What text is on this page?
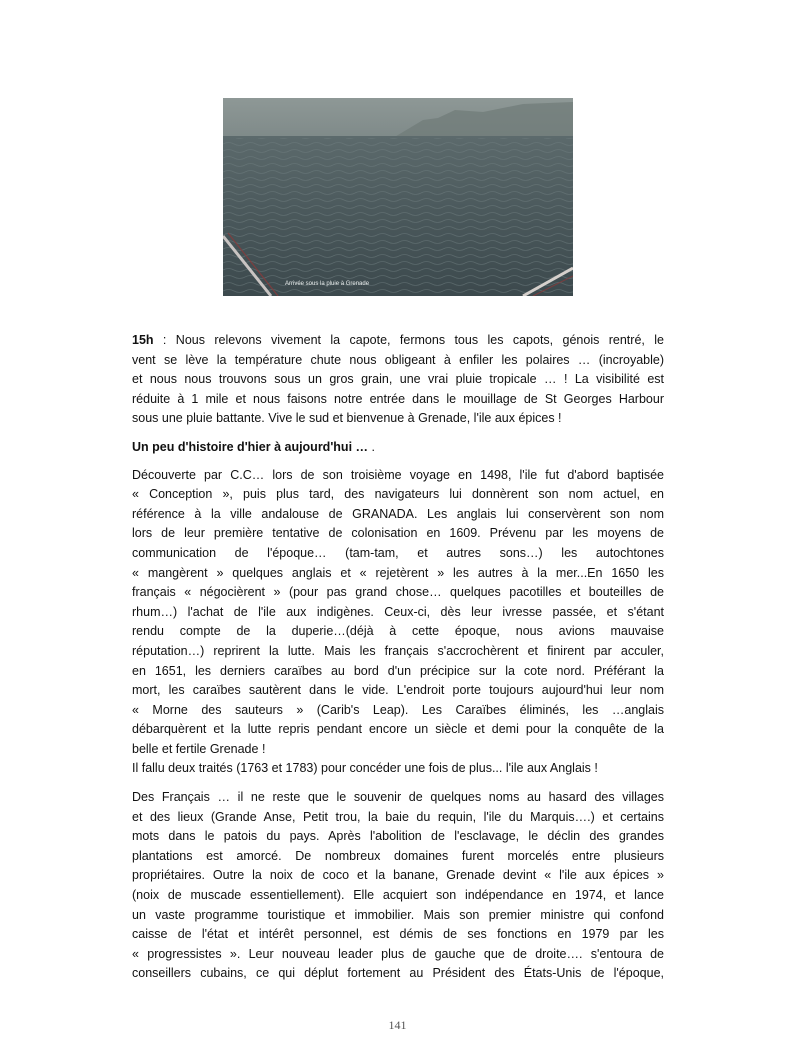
Arrivée sous la pluie à Grenade

15h : Nous relevons vivement la capote, fermons tous les capots, génois rentré, le
vent se lève la température chute nous obligeant à enfiler les polaires … (incroyable)
et nous nous trouvons sous un gros grain, une vrai pluie tropicale … ! La visibilité est
réduite à 1 mile et nous faisons notre entrée dans le mouillage de St Georges Harbour
sous une pluie battante. Vive le sud et bienvenue à Grenade, l'ile aux épices !

Un peu d'histoire d'hier à aujourd'hui … .

Découverte par C.C… lors de son troisième voyage en 1498, l'ile fut d'abord baptisée
« Conception », puis plus tard, des navigateurs lui donnèrent son nom actuel, en
référence à la ville andalouse de GRANADA. Les anglais lui conservèrent son nom
lors de leur première tentative de colonisation en 1609. Prévenu par les moyens de
communication de l'époque… (tam-tam, et autres sons…) les autochtones
« mangèrent » quelques anglais et « rejetèrent » les autres à la mer...En 1650 les
français « négocièrent » (pour pas grand chose… quelques pacotilles et bouteilles de
rhum…) l'achat de l'ile aux indigènes. Ceux-ci, dès leur ivresse passée, et s'étant
rendu compte de la duperie…(déjà à cette époque, nous avions mauvaise
réputation…) reprirent la lutte. Mais les français s'accrochèrent et finirent par acculer,
en 1651, les derniers caraïbes au bord d'un précipice sur la cote nord. Préférant la
mort, les caraïbes sautèrent dans le vide. L'endroit porte toujours aujourd'hui leur nom
« Morne des sauteurs » (Carib's Leap). Les Caraïbes éliminés, les …anglais
débarquèrent et la lutte repris pendant encore un siècle et demi pour la conquête de la
belle et fertile Grenade !
Il fallu deux traités (1763 et 1783) pour concéder une fois de plus... l'ile aux Anglais !

Des Français … il ne reste que le souvenir de quelques noms au hasard des villages
et des lieux (Grande Anse, Petit trou, la baie du requin, l'ile du Marquis….) et certains
mots dans le patois du pays. Après l'abolition de l'esclavage, le déclin des grandes
plantations est amorcé. De nombreux domaines furent morcelés entre plusieurs
propriétaires. Outre la noix de coco et la banane, Grenade devint « l'ile aux épices »
(noix de muscade essentiellement). Elle acquiert son indépendance en 1974, et lance
un vaste programme touristique et immobilier. Mais son premier ministre qui confond
caisse de l'état et intérêt personnel, est démis de ses fonctions en 1979 par les
« progressistes ». Leur nouveau leader plus de gauche que de droite…. s'entoura de
conseillers cubains, ce qui déplut fortement au Président des États-Unis de l'époque,

141
